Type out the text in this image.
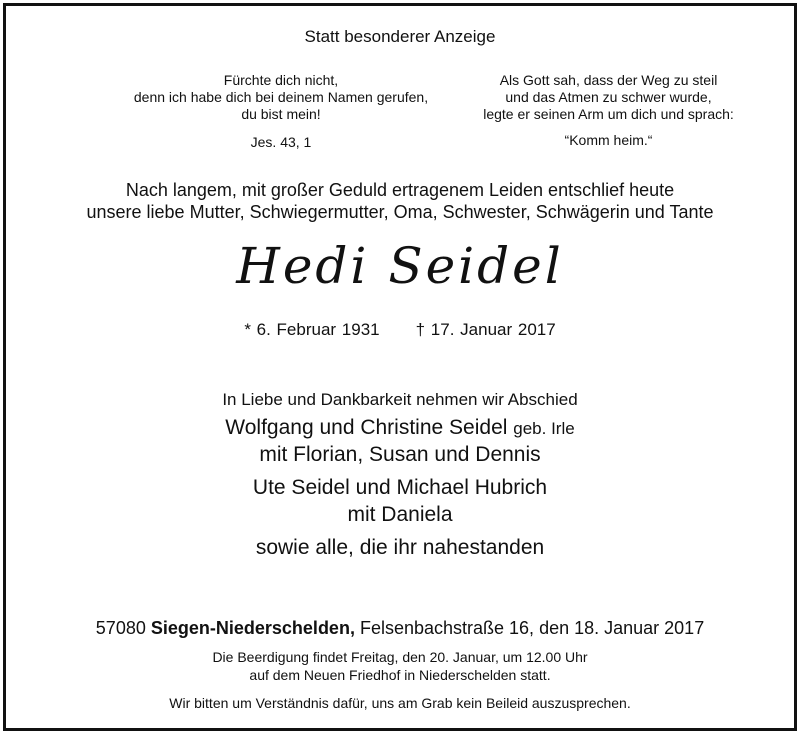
Statt besonderer Anzeige
Fürchte dich nicht,
denn ich habe dich bei deinem Namen gerufen,
du bist mein!
Jes. 43, 1
Als Gott sah, dass der Weg zu steil
und das Atmen zu schwer wurde,
legte er seinen Arm um dich und sprach:
“Komm heim.“
Nach langem, mit großer Geduld ertragenem Leiden entschlief heute
unsere liebe Mutter, Schwiegermutter, Oma, Schwester, Schwägerin und Tante
Hedi Seidel
* 6. Februar 1931 † 17. Januar 2017
In Liebe und Dankbarkeit nehmen wir Abschied
Wolfgang und Christine Seidel geb. Irle
mit Florian, Susan und Dennis
Ute Seidel und Michael Hubrich
mit Daniela
sowie alle, die ihr nahestanden
57080 Siegen-Niederschelden, Felsenbachstraße 16, den 18. Januar 2017
Die Beerdigung findet Freitag, den 20. Januar, um 12.00 Uhr
auf dem Neuen Friedhof in Niederschelden statt.
Wir bitten um Verständnis dafür, uns am Grab kein Beileid auszusprechen.
